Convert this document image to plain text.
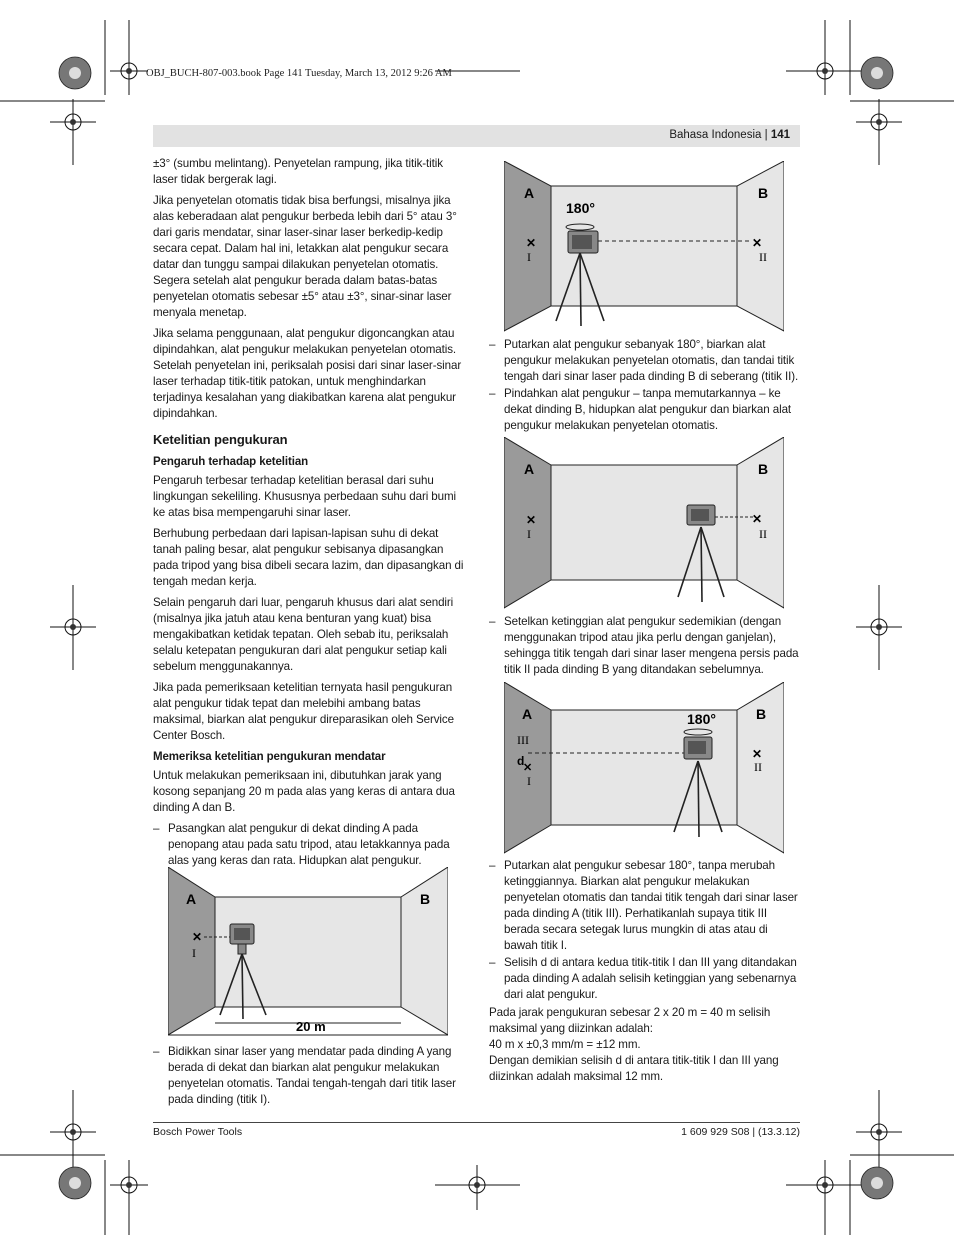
OBJ_BUCH-807-003.book Page 141 Tuesday, March 13, 2012 9:26 AM
Bahasa Indonesia | 141

±3° (sumbu melintang). Penyetelan rampung, jika titik-titik laser tidak bergerak lagi.

Jika penyetelan otomatis tidak bisa berfungsi, misalnya jika alas keberadaan alat pengukur berbeda lebih dari 5° atau 3° dari garis mendatar, sinar laser-sinar laser berkedip-kedip secara cepat. Dalam hal ini, letakkan alat pengukur secara datar dan tunggu sampai dilakukan penyetelan otomatis. Segera setelah alat pengukur berada dalam batas-batas penyetelan otomatis sebesar ±5° atau ±3°, sinar-sinar laser menyala menetap.

Jika selama penggunaan, alat pengukur digoncangkan atau dipindahkan, alat pengukur melakukan penyetelan otomatis. Setelah penyetelan ini, periksalah posisi dari sinar laser-sinar laser terhadap titik-titik patokan, untuk menghindarkan terjadinya kesalahan yang diakibatkan karena alat pengukur dipindahkan.

Ketelitian pengukuran
Pengaruh terhadap ketelitian

Pengaruh terbesar terhadap ketelitian berasal dari suhu lingkungan sekeliling. Khususnya perbedaan suhu dari bumi ke atas bisa mempengaruhi sinar laser.

Berhubung perbedaan dari lapisan-lapisan suhu di dekat tanah paling besar, alat pengukur sebisanya dipasangkan pada tripod yang bisa dibeli secara lazim, dan dipasangkan di tengah medan kerja.

Selain pengaruh dari luar, pengaruh khusus dari alat sendiri (misalnya jika jatuh atau kena benturan yang kuat) bisa mengakibatkan ketidak tepatan. Oleh sebab itu, periksalah selalu ketepatan pengukuran dari alat pengukur setiap kali sebelum menggunakannya.

Jika pada pemeriksaan ketelitian ternyata hasil pengukuran alat pengukur tidak tepat dan melebihi ambang batas maksimal, biarkan alat pengukur direparasikan oleh Service Center Bosch.

Memeriksa ketelitian pengukuran mendatar

Untuk melakukan pemeriksaan ini, dibutuhkan jarak yang kosong sepanjang 20 m pada alas yang keras di antara dua dinding A dan B.

– Pasangkan alat pengukur di dekat dinding A pada penopang atau pada satu tripod, atau letakkannya pada alas yang keras dan rata. Hidupkan alat pengukur.
A	B
✕
I
20 m
– Bidikkan sinar laser yang mendatar pada dinding A yang berada di dekat dan biarkan alat pengukur melakukan penyetelan otomatis. Tandai tengah-tengah dari titik laser pada dinding (titik I).
A	B
180°
✕
I
✕
II
– Putarkan alat pengukur sebanyak 180°, biarkan alat pengukur melakukan penyetelan otomatis, dan tandai titik tengah dari sinar laser pada dinding B di seberang (titik II).
– Pindahkan alat pengukur – tanpa memutarkannya – ke dekat dinding B, hidupkan alat pengukur dan biarkan alat pengukur melakukan penyetelan otomatis.
A	B
✕
I
✕
II
– Setelkan ketinggian alat pengukur sedemikian (dengan menggunakan tripod atau jika perlu dengan ganjelan), sehingga titik tengah dari sinar laser mengena persis pada titik II pada dinding B yang ditandakan sebelumnya.
A	B
180°
III
d
✕
I
✕
II
– Putarkan alat pengukur sebesar 180°, tanpa merubah ketinggiannya. Biarkan alat pengukur melakukan penyetelan otomatis dan tandai titik tengah dari sinar laser pada dinding A (titik III). Perhatikanlah supaya titik III berada secara setegak lurus mungkin di atas atau di bawah titik I.
– Selisih d di antara kedua titik-titik I dan III yang ditandakan pada dinding A adalah selisih ketinggian yang sebenarnya dari alat pengukur.

Pada jarak pengukuran sebesar 2 x 20 m = 40 m selisih maksimal yang diizinkan adalah:

40 m x ±0,3 mm/m = ±12 mm.

Dengan demikian selisih d di antara titik-titik I dan III yang diizinkan adalah maksimal 12 mm.

Bosch Power Tools	1 609 929 S08 | (13.3.12)
